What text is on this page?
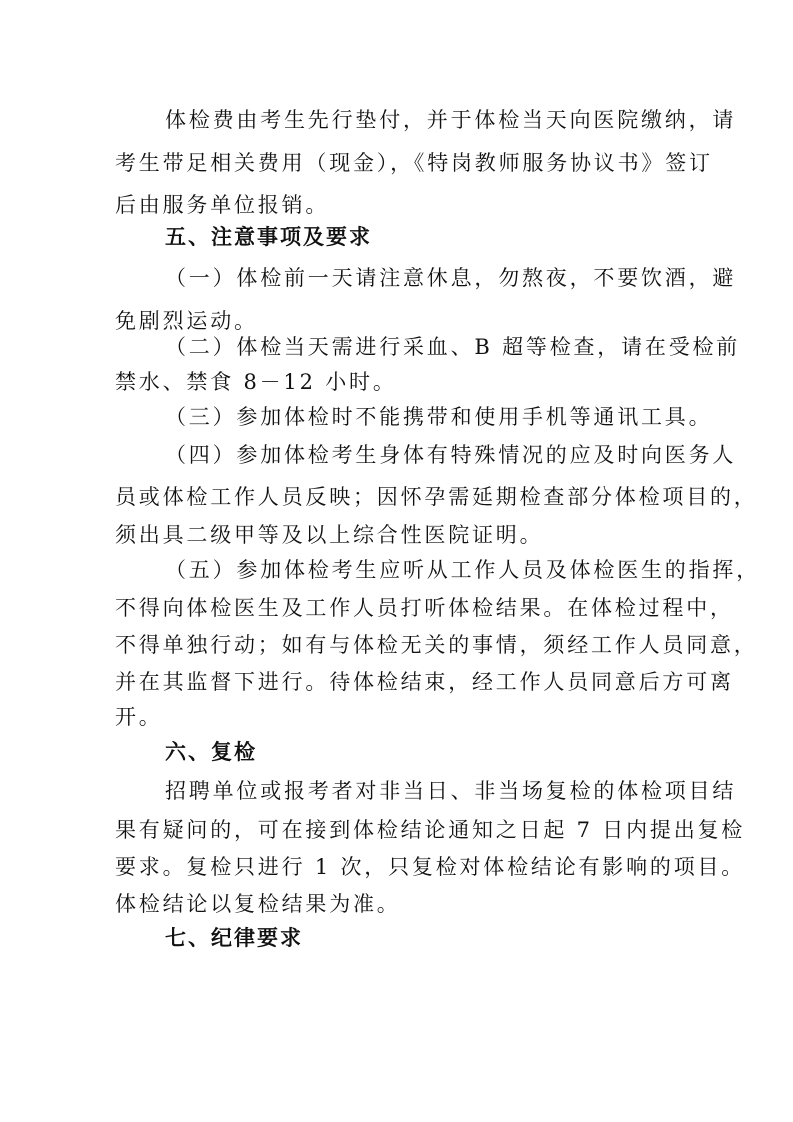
体检费由考生先行垫付，并于体检当天向医院缴纳，请
考生带足相关费用（现金），《特岗教师服务协议书》签订
后由服务单位报销。
五、注意事项及要求
（一）体检前一天请注意休息，勿熬夜，不要饮酒，避
免剧烈运动。
（二）体检当天需进行采血、B 超等检查，请在受检前
禁水、禁食 8－12 小时。
（三）参加体检时不能携带和使用手机等通讯工具。
（四）参加体检考生身体有特殊情况的应及时向医务人
员或体检工作人员反映；因怀孕需延期检查部分体检项目的，
须出具二级甲等及以上综合性医院证明。
（五）参加体检考生应听从工作人员及体检医生的指挥，
不得向体检医生及工作人员打听体检结果。在体检过程中，
不得单独行动；如有与体检无关的事情，须经工作人员同意，
并在其监督下进行。待体检结束，经工作人员同意后方可离
开。
六、复检
招聘单位或报考者对非当日、非当场复检的体检项目结
果有疑问的，可在接到体检结论通知之日起 7 日内提出复检
要求。复检只进行 1 次，只复检对体检结论有影响的项目。
体检结论以复检结果为准。
七、纪律要求
